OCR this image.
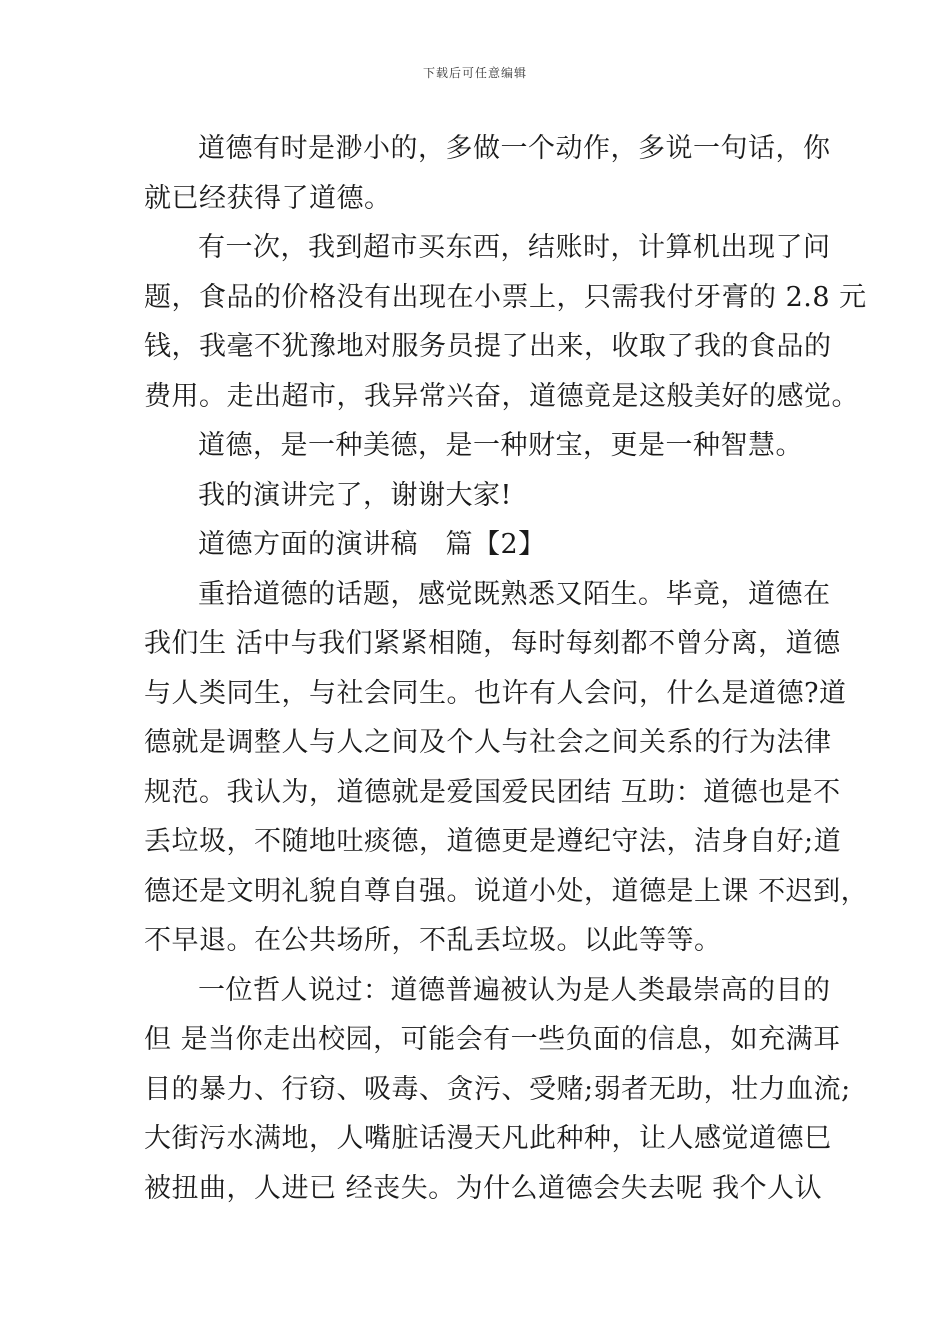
下载后可任意编辑
道德有时是渺小的，多做一个动作，多说一句话，你
就已经获得了道德。
有一次，我到超市买东西，结账时，计算机出现了问
题，食品的价格没有出现在小票上，只需我付牙膏的 2.8 元
钱，我毫不犹豫地对服务员提了出来，收取了我的食品的
费用。走出超市，我异常兴奋，道德竟是这般美好的感觉。
道德，是一种美德，是一种财宝，更是一种智慧。
我的演讲完了，谢谢大家!
道德方面的演讲稿　篇【2】
重拾道德的话题，感觉既熟悉又陌生。毕竟，道德在
我们生 活中与我们紧紧相随，每时每刻都不曾分离，道德
与人类同生，与社会同生。也许有人会问，什么是道德?道
德就是调整人与人之间及个人与社会之间关系的行为法律
规范。我认为，道德就是爱国爱民团结 互助：道德也是不
丢垃圾，不随地吐痰德，道德更是遵纪守法，洁身自好;道
德还是文明礼貌自尊自强。说道小处，道德是上课 不迟到，
不早退。在公共场所，不乱丢垃圾。以此等等。
一位哲人说过：道德普遍被认为是人类最崇高的目的
但 是当你走出校园，可能会有一些负面的信息，如充满耳
目的暴力、行窃、吸毒、贪污、受赌;弱者无助，壮力血流;
大街污水满地，人嘴脏话漫天凡此种种，让人感觉道德巳
被扭曲，人进已 经丧失。为什么道德会失去呢 我个人认
